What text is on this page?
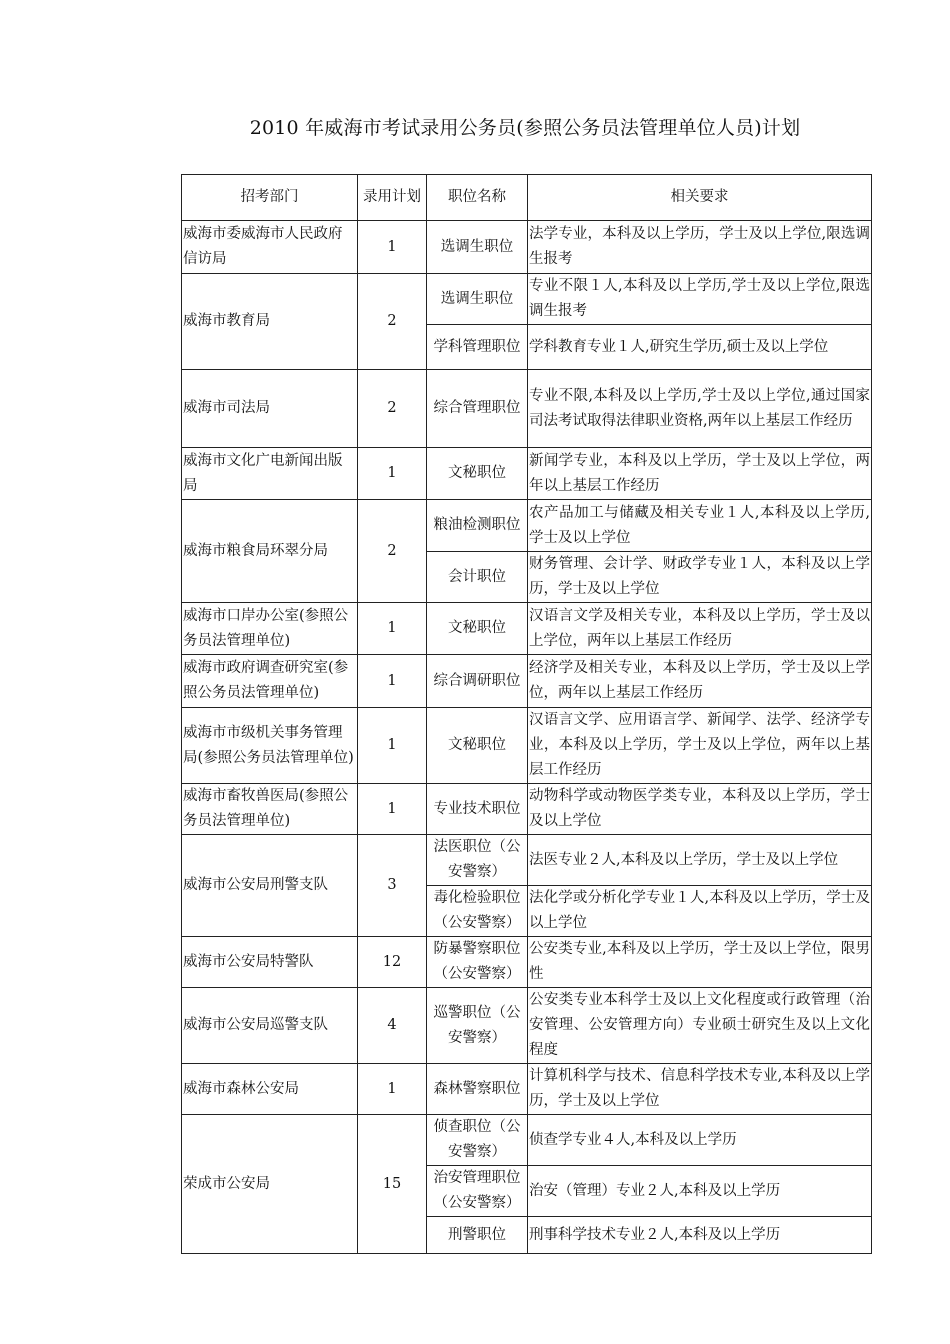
2010 年威海市考试录用公务员(参照公务员法管理单位人员)计划
招考部门	录用计划	职位名称	相关要求
威海市委威海市人民政府信访局	1	选调生职位	法学专业，本科及以上学历，学士及以上学位,限选调生报考
威海市教育局	2	选调生职位	专业不限１人,本科及以上学历,学士及以上学位,限选调生报考
		学科管理职位	学科教育专业１人,研究生学历,硕士及以上学位
威海市司法局	2	综合管理职位	专业不限,本科及以上学历,学士及以上学位,通过国家司法考试取得法律职业资格,两年以上基层工作经历
威海市文化广电新闻出版局	1	文秘职位	新闻学专业，本科及以上学历，学士及以上学位，两年以上基层工作经历
威海市粮食局环翠分局	2	粮油检测职位	农产品加工与储藏及相关专业１人,本科及以上学历,学士及以上学位
		会计职位	财务管理、会计学、财政学专业１人，本科及以上学历，学士及以上学位
威海市口岸办公室(参照公务员法管理单位)	1	文秘职位	汉语言文学及相关专业，本科及以上学历，学士及以上学位，两年以上基层工作经历
威海市政府调查研究室(参照公务员法管理单位)	1	综合调研职位	经济学及相关专业，本科及以上学历，学士及以上学位，两年以上基层工作经历
威海市市级机关事务管理局(参照公务员法管理单位)	1	文秘职位	汉语言文学、应用语言学、新闻学、法学、经济学专业，本科及以上学历，学士及以上学位，两年以上基层工作经历
威海市畜牧兽医局(参照公务员法管理单位)	1	专业技术职位	动物科学或动物医学类专业，本科及以上学历，学士及以上学位
威海市公安局刑警支队	3	法医职位（公安警察）	法医专业２人,本科及以上学历，学士及以上学位
		毒化检验职位（公安警察）	法化学或分析化学专业１人,本科及以上学历，学士及以上学位
威海市公安局特警队	12	防暴警察职位（公安警察）	公安类专业,本科及以上学历，学士及以上学位，限男性
威海市公安局巡警支队	4	巡警职位（公安警察）	公安类专业本科学士及以上文化程度或行政管理（治安管理、公安管理方向）专业硕士研究生及以上文化程度
威海市森林公安局	1	森林警察职位	计算机科学与技术、信息科学技术专业,本科及以上学历，学士及以上学位
荣成市公安局	15	侦查职位（公安警察）	侦查学专业４人,本科及以上学历
		治安管理职位（公安警察）	治安（管理）专业２人,本科及以上学历
		刑警职位	刑事科学技术专业２人,本科及以上学历
